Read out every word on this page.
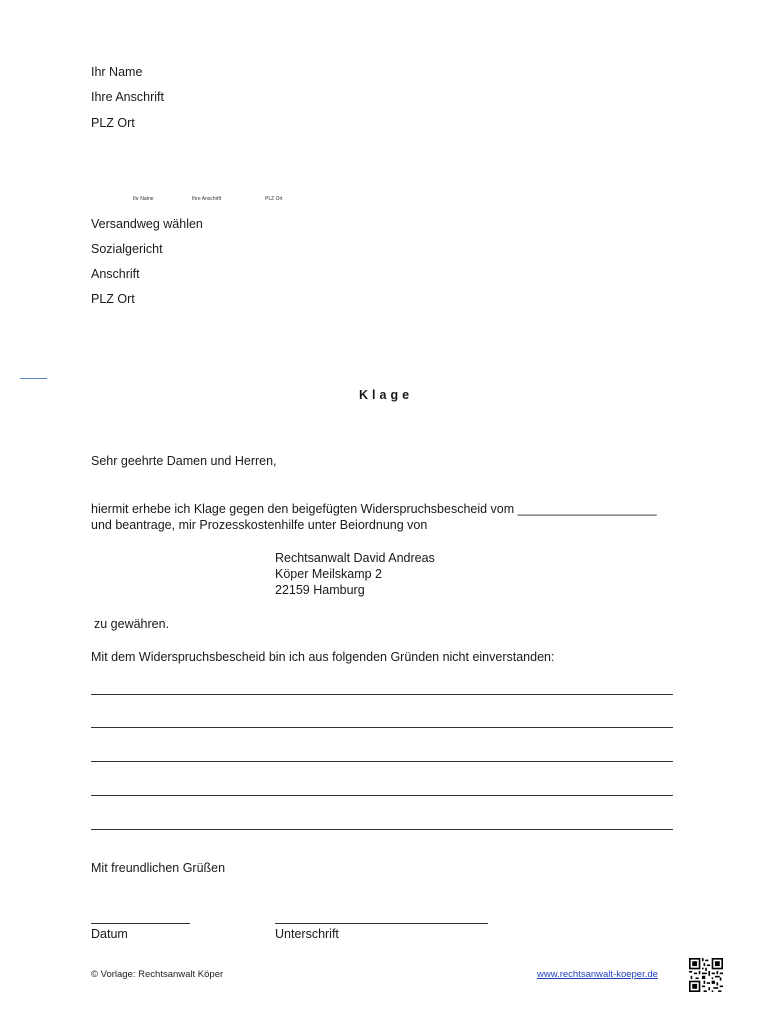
Ihr Name
Ihre Anschrift
PLZ Ort
Ihr Name	Ihre Anschrift	PLZ Ort
Versandweg wählen
Sozialgericht
Anschrift
PLZ Ort
Klage
Sehr geehrte Damen und Herren,
hiermit erhebe ich Klage gegen den beigefügten Widerspruchsbescheid vom ____________________
und beantrage, mir Prozesskostenhilfe unter Beiordnung von
Rechtsanwalt David Andreas
Köper Meilskamp 2
22159 Hamburg
zu gewähren.
Mit dem Widerspruchsbescheid bin ich aus folgenden Gründen nicht einverstanden:
Mit freundlichen Grüßen
Datum	Unterschrift
© Vorlage: Rechtsanwalt Köper	www.rechtsanwalt-koeper.de
